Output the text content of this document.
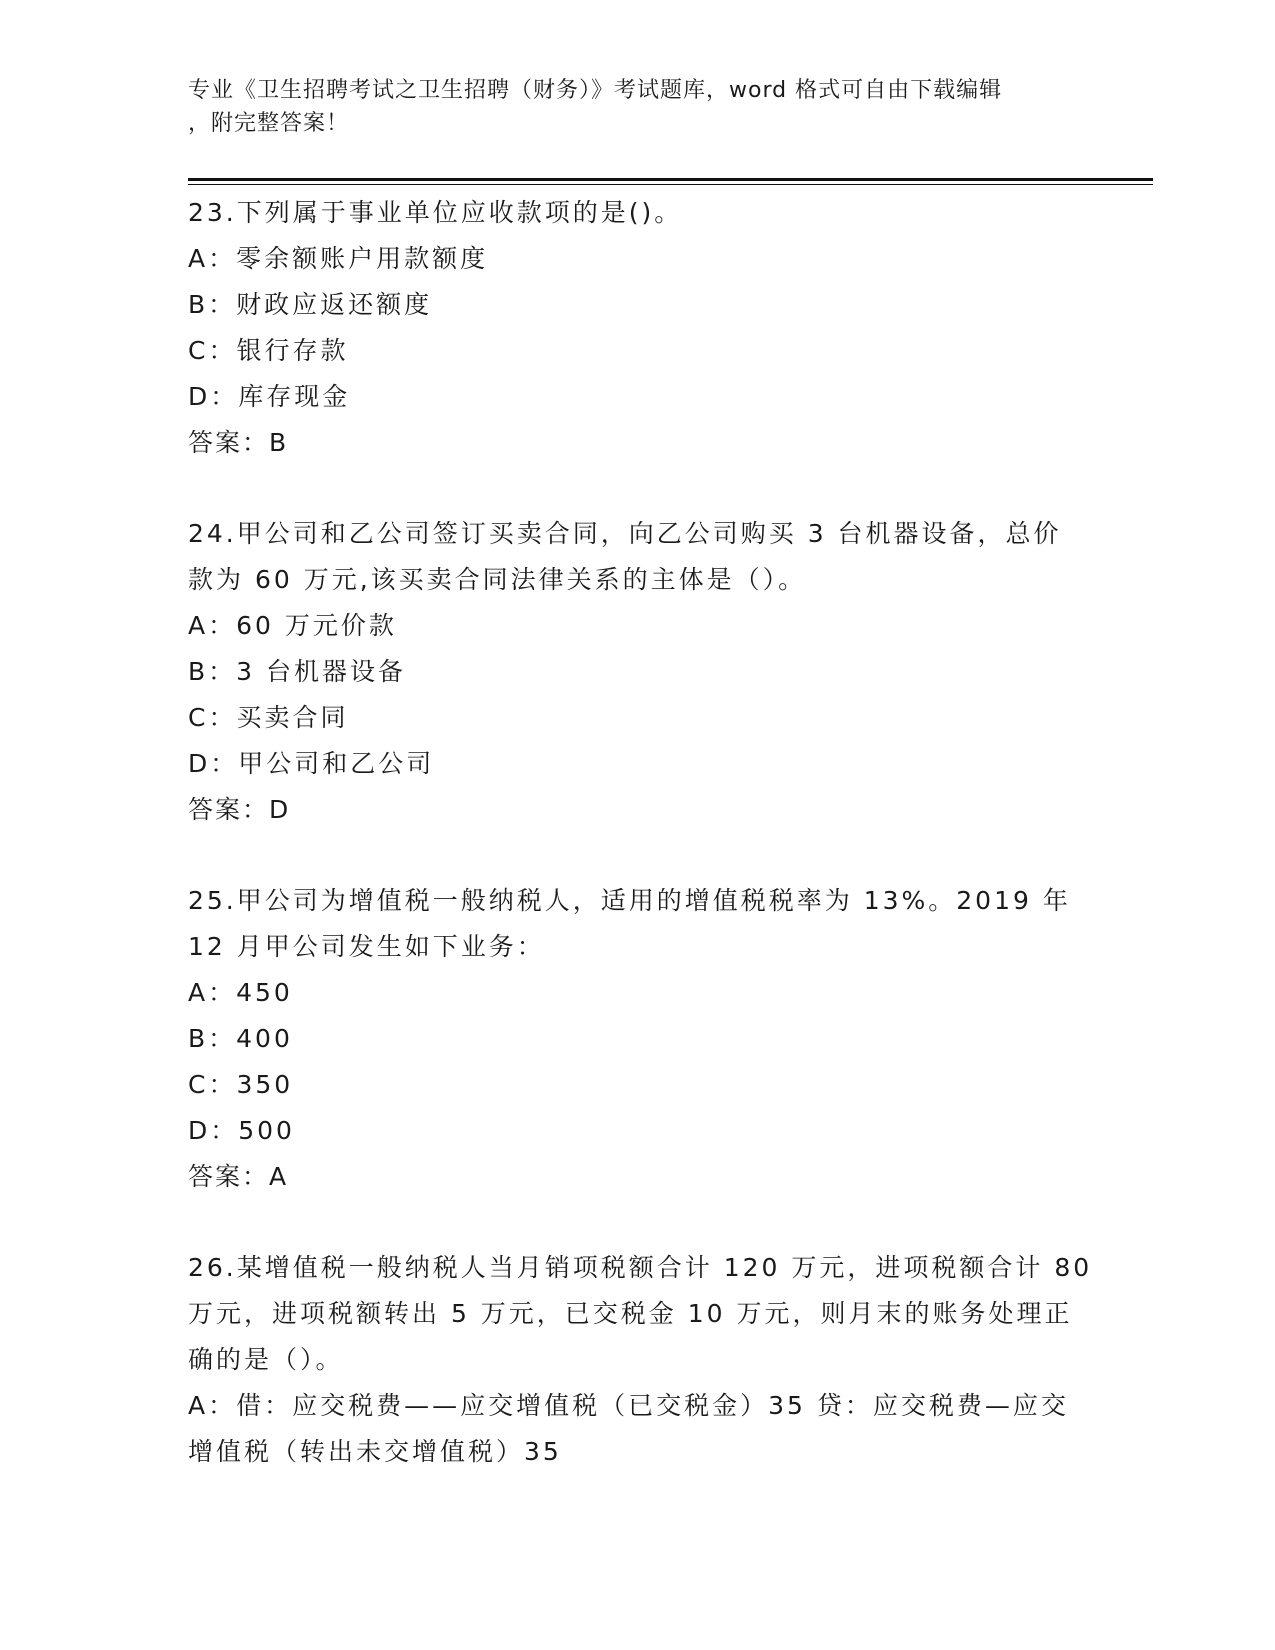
专业《卫生招聘考试之卫生招聘（财务）》考试题库，word 格式可自由下载编辑
，附完整答案！
23.下列属于事业单位应收款项的是()。
A：零余额账户用款额度
B：财政应返还额度
C：银行存款
D：库存现金
答案：B
24.甲公司和乙公司签订买卖合同，向乙公司购买 3 台机器设备，总价
款为 60 万元,该买卖合同法律关系的主体是（）。
A：60 万元价款
B：3 台机器设备
C：买卖合同
D：甲公司和乙公司
答案：D
25.甲公司为增值税一般纳税人，适用的增值税税率为 13%。2019 年
12 月甲公司发生如下业务：
A：450
B：400
C：350
D：500
答案：A
26.某增值税一般纳税人当月销项税额合计 120 万元，进项税额合计 80
万元，进项税额转出 5 万元，已交税金 10 万元，则月末的账务处理正
确的是（）。
A：借：应交税费——应交增值税（已交税金）35 贷：应交税费—应交
增值税（转出未交增值税）35
